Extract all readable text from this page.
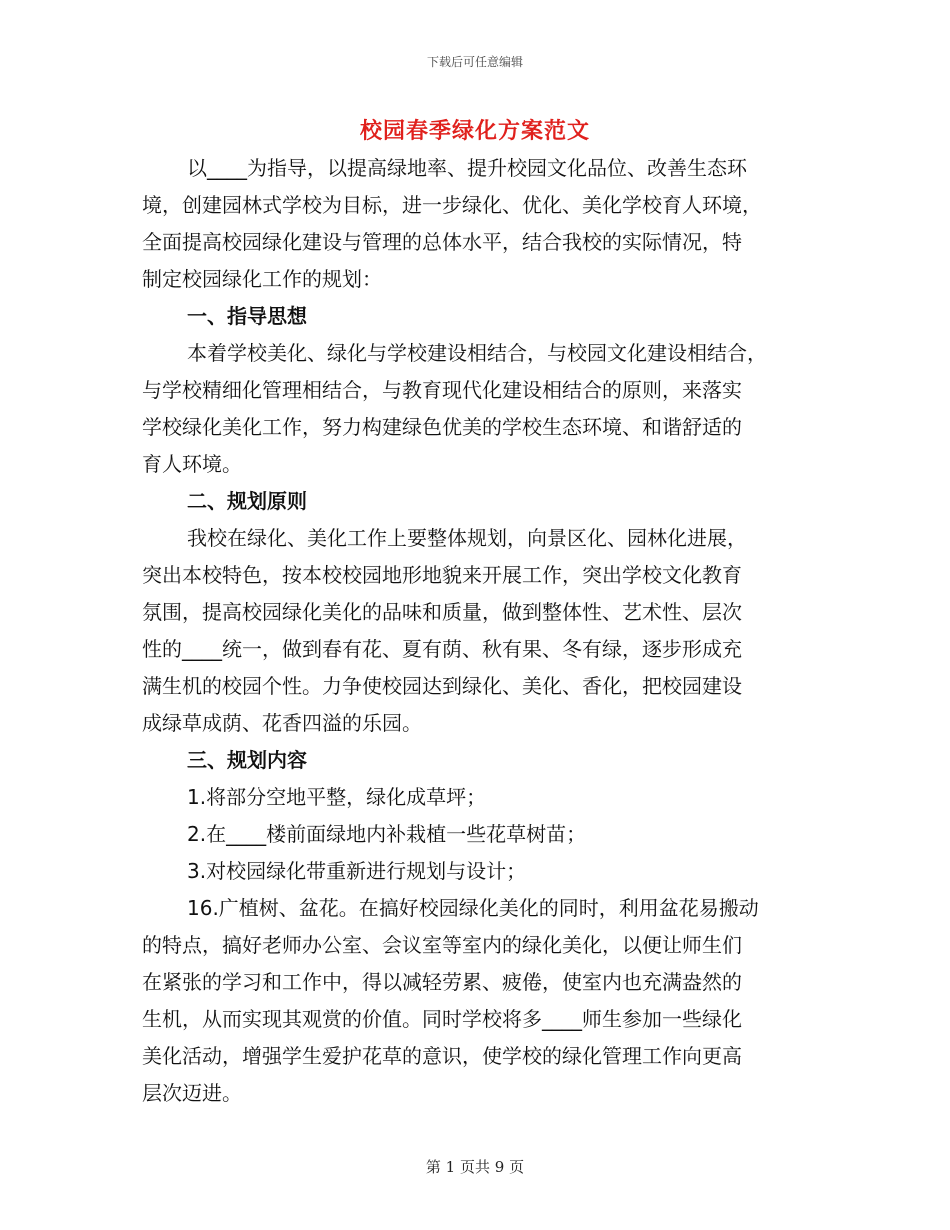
下载后可任意编辑
校园春季绿化方案范文
以____为指导，以提高绿地率、提升校园文化品位、改善生态环
境，创建园林式学校为目标，进一步绿化、优化、美化学校育人环境，
全面提高校园绿化建设与管理的总体水平，结合我校的实际情况，特
制定校园绿化工作的规划：
一、指导思想
本着学校美化、绿化与学校建设相结合，与校园文化建设相结合，
与学校精细化管理相结合，与教育现代化建设相结合的原则，来落实
学校绿化美化工作，努力构建绿色优美的学校生态环境、和谐舒适的
育人环境。
二、规划原则
我校在绿化、美化工作上要整体规划，向景区化、园林化进展，
突出本校特色，按本校校园地形地貌来开展工作，突出学校文化教育
氛围，提高校园绿化美化的品味和质量，做到整体性、艺术性、层次
性的____统一，做到春有花、夏有荫、秋有果、冬有绿，逐步形成充
满生机的校园个性。力争使校园达到绿化、美化、香化，把校园建设
成绿草成荫、花香四溢的乐园。
三、规划内容
1.将部分空地平整，绿化成草坪；
2.在____楼前面绿地内补栽植一些花草树苗；
3.对校园绿化带重新进行规划与设计；
16.广植树、盆花。在搞好校园绿化美化的同时，利用盆花易搬动
的特点，搞好老师办公室、会议室等室内的绿化美化，以便让师生们
在紧张的学习和工作中，得以减轻劳累、疲倦，使室内也充满盎然的
生机，从而实现其观赏的价值。同时学校将多____师生参加一些绿化
美化活动，增强学生爱护花草的意识，使学校的绿化管理工作向更高
层次迈进。
第 1 页共 9 页
